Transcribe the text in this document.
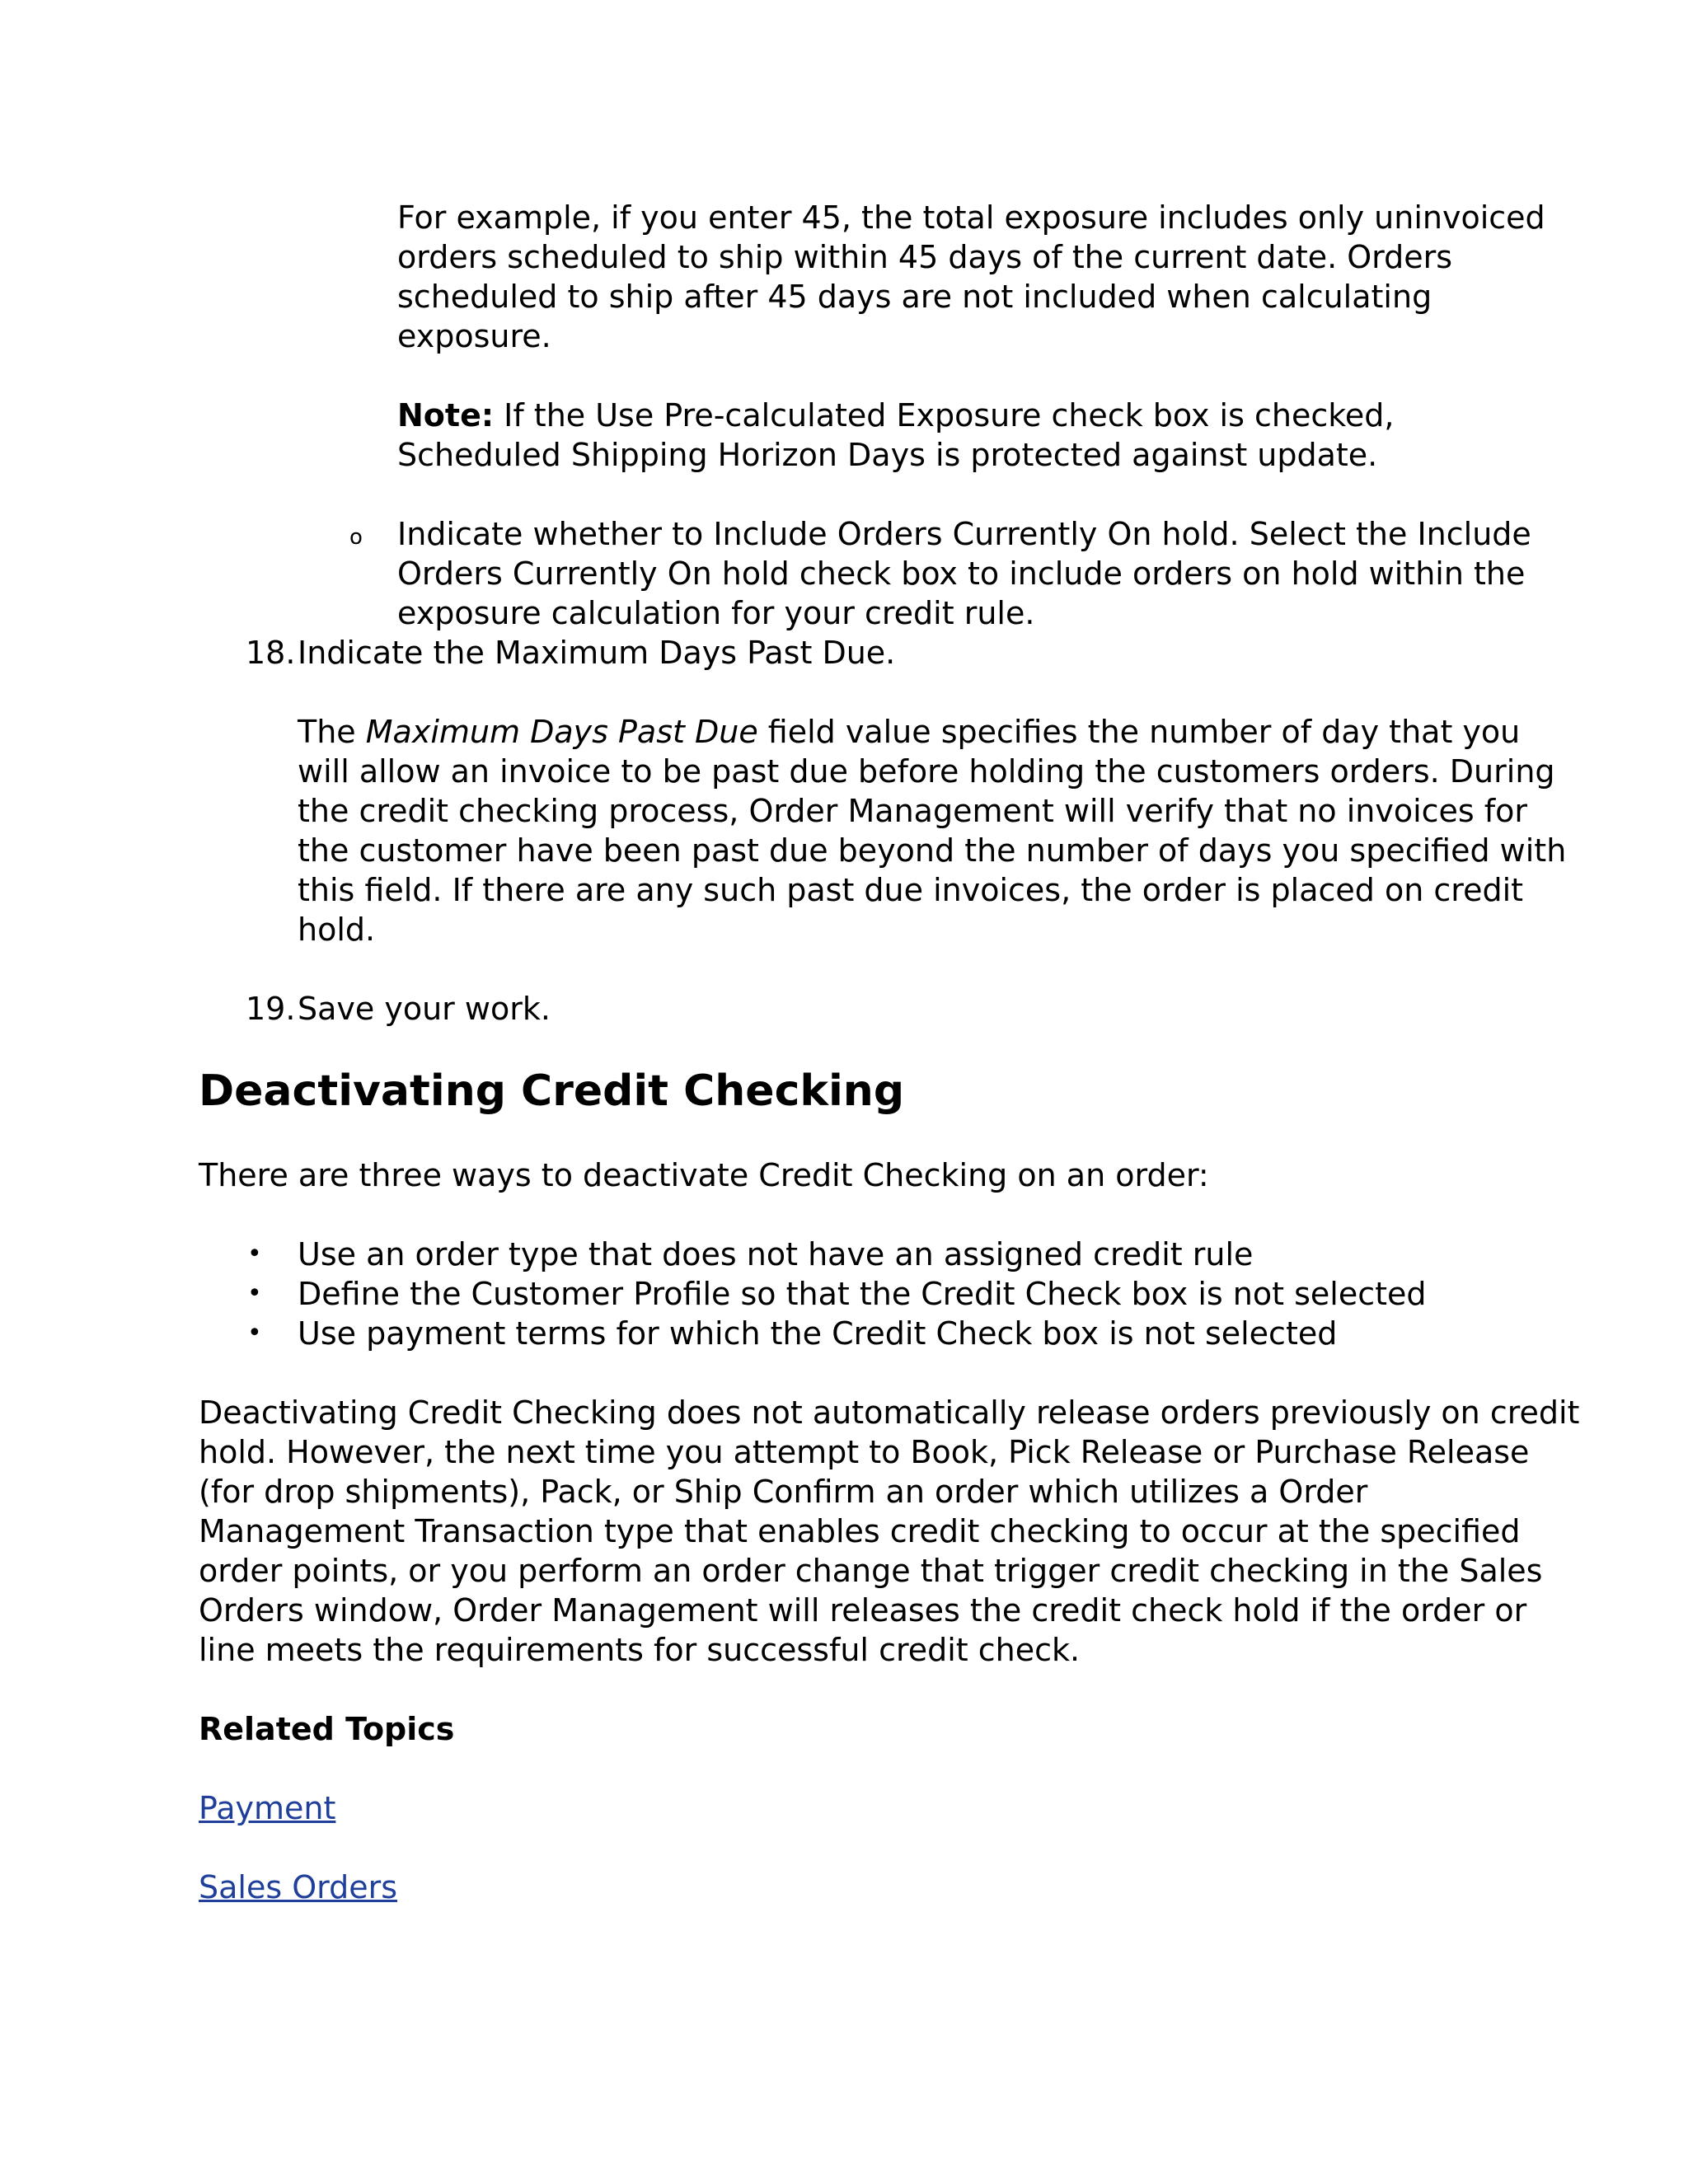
For example, if you enter 45, the total exposure includes only uninvoiced

orders scheduled to ship within 45 days of the current date. Orders

scheduled to ship after 45 days are not included when calculating

exposure.

Note: If the Use Pre-calculated Exposure check box is checked,

Scheduled Shipping Horizon Days is protected against update.

o Indicate whether to Include Orders Currently On hold. Select the Include

Orders Currently On hold check box to include orders on hold within the

exposure calculation for your credit rule.

18. Indicate the Maximum Days Past Due.

The Maximum Days Past Due field value specifies the number of day that you

will allow an invoice to be past due before holding the customers orders. During

the credit checking process, Order Management will verify that no invoices for

the customer have been past due beyond the number of days you specified with

this field. If there are any such past due invoices, the order is placed on credit

hold.

19. Save your work.

Deactivating Credit Checking

There are three ways to deactivate Credit Checking on an order:

• Use an order type that does not have an assigned credit rule

• Define the Customer Profile so that the Credit Check box is not selected

• Use payment terms for which the Credit Check box is not selected

Deactivating Credit Checking does not automatically release orders previously on credit

hold. However, the next time you attempt to Book, Pick Release or Purchase Release

(for drop shipments), Pack, or Ship Confirm an order which utilizes a Order

Management Transaction type that enables credit checking to occur at the specified

order points, or you perform an order change that trigger credit checking in the Sales

Orders window, Order Management will releases the credit check hold if the order or

line meets the requirements for successful credit check.

Related Topics
Payment
Sales Orders
